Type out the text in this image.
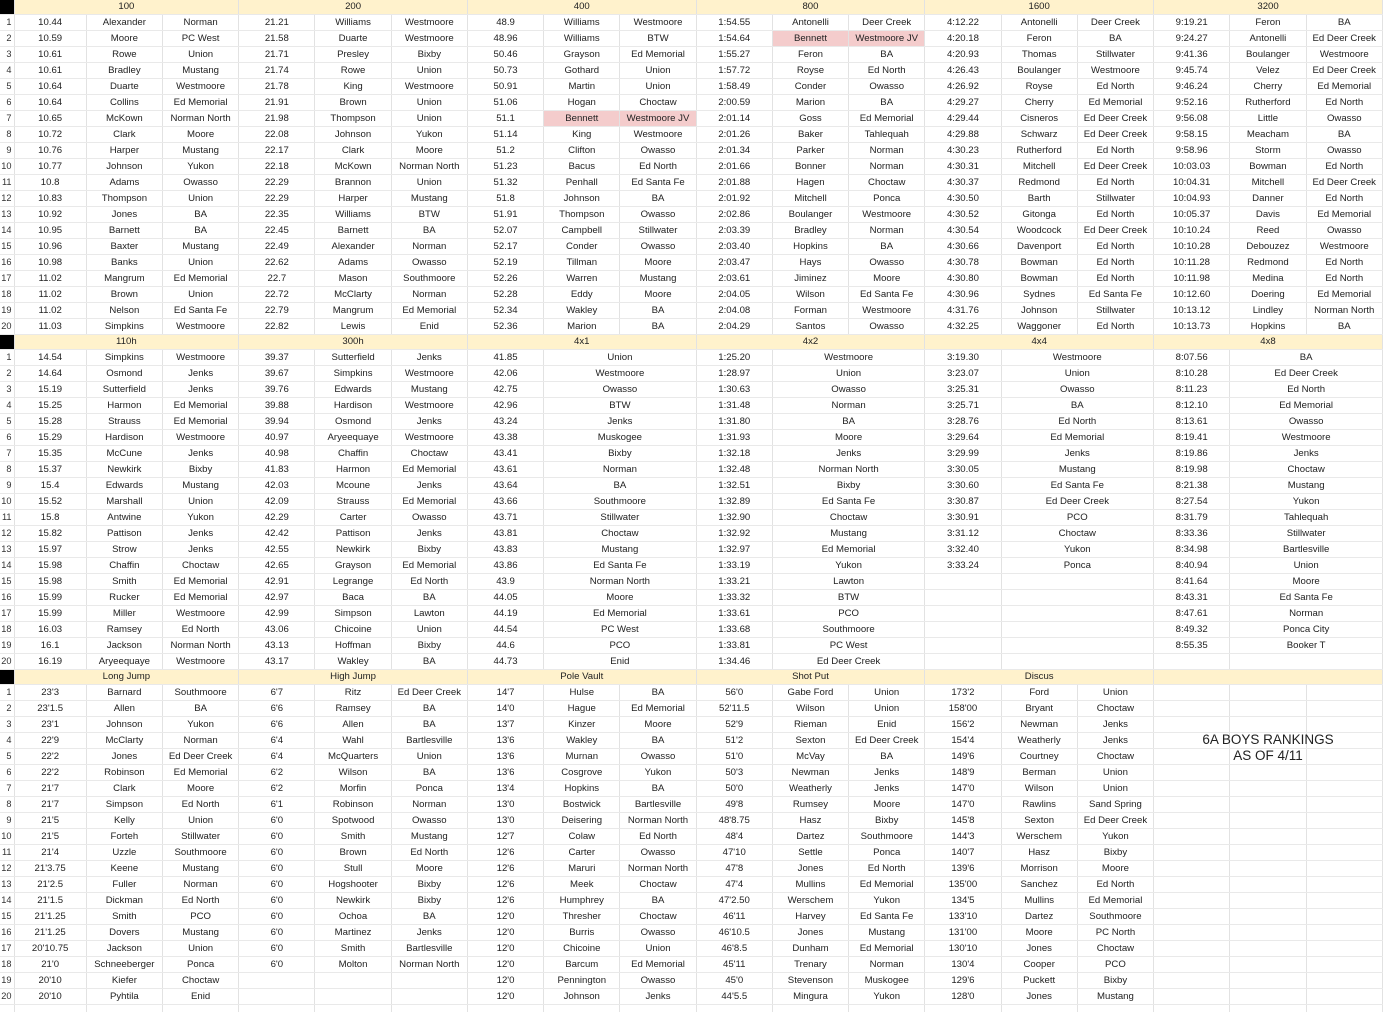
	100			200			400			800			1600			3200		
1	10.44	Alexander	Norman	21.21	Williams	Westmoore	48.9	Williams	Westmoore	1:54.55	Antonelli	Deer Creek	4:12.22	Antonelli	Deer Creek	9:19.21	Feron	BA
2	10.59	Moore	PC West	21.58	Duarte	Westmoore	48.96	Williams	BTW	1:54.64	Bennett	Westmoore JV	4:20.18	Feron	BA	9:24.27	Antonelli	Ed Deer Creek
3	10.61	Rowe	Union	21.71	Presley	Bixby	50.46	Grayson	Ed Memorial	1:55.27	Feron	BA	4:20.93	Thomas	Stillwater	9:41.36	Boulanger	Westmoore
4	10.61	Bradley	Mustang	21.74	Rowe	Union	50.73	Gothard	Union	1:57.72	Royse	Ed North	4:26.43	Boulanger	Westmoore	9:45.74	Velez	Ed Deer Creek
5	10.64	Duarte	Westmoore	21.78	King	Westmoore	50.91	Martin	Union	1:58.49	Conder	Owasso	4:26.92	Royse	Ed North	9:46.24	Cherry	Ed Memorial
6	10.64	Collins	Ed Memorial	21.91	Brown	Union	51.06	Hogan	Choctaw	2:00.59	Marion	BA	4:29.27	Cherry	Ed Memorial	9:52.16	Rutherford	Ed North
7	10.65	McKown	Norman North	21.98	Thompson	Union	51.1	Bennett	Westmoore JV	2:01.14	Goss	Ed Memorial	4:29.44	Cisneros	Ed Deer Creek	9:56.08	Little	Owasso
8	10.72	Clark	Moore	22.08	Johnson	Yukon	51.14	King	Westmoore	2:01.26	Baker	Tahlequah	4:29.88	Schwarz	Ed Deer Creek	9:58.15	Meacham	BA
9	10.76	Harper	Mustang	22.17	Clark	Moore	51.2	Clifton	Owasso	2:01.34	Parker	Norman	4:30.23	Rutherford	Ed North	9:58.96	Storm	Owasso
10	10.77	Johnson	Yukon	22.18	McKown	Norman North	51.23	Bacus	Ed North	2:01.66	Bonner	Norman	4:30.31	Mitchell	Ed Deer Creek	10:03.03	Bowman	Ed North
11	10.8	Adams	Owasso	22.29	Brannon	Union	51.32	Penhall	Ed Santa Fe	2:01.88	Hagen	Choctaw	4:30.37	Redmond	Ed North	10:04.31	Mitchell	Ed Deer Creek
12	10.83	Thompson	Union	22.29	Harper	Mustang	51.8	Johnson	BA	2:01.92	Mitchell	Ponca	4:30.50	Barth	Stillwater	10:04.93	Danner	Ed North
13	10.92	Jones	BA	22.35	Williams	BTW	51.91	Thompson	Owasso	2:02.86	Boulanger	Westmoore	4:30.52	Gitonga	Ed North	10:05.37	Davis	Ed Memorial
14	10.95	Barnett	BA	22.45	Barnett	BA	52.07	Campbell	Stillwater	2:03.39	Bradley	Norman	4:30.54	Woodcock	Ed Deer Creek	10:10.24	Reed	Owasso
15	10.96	Baxter	Mustang	22.49	Alexander	Norman	52.17	Conder	Owasso	2:03.40	Hopkins	BA	4:30.66	Davenport	Ed North	10:10.28	Debouzez	Westmoore
16	10.98	Banks	Union	22.62	Adams	Owasso	52.19	Tillman	Moore	2:03.47	Hays	Owasso	4:30.78	Bowman	Ed North	10:11.28	Redmond	Ed North
17	11.02	Mangrum	Ed Memorial	22.7	Mason	Southmoore	52.26	Warren	Mustang	2:03.61	Jiminez	Moore	4:30.80	Bowman	Ed North	10:11.98	Medina	Ed North
18	11.02	Brown	Union	22.72	McClarty	Norman	52.28	Eddy	Moore	2:04.05	Wilson	Ed Santa Fe	4:30.96	Sydnes	Ed Santa Fe	10:12.60	Doering	Ed Memorial
19	11.02	Nelson	Ed Santa Fe	22.79	Mangrum	Ed Memorial	52.34	Wakley	BA	2:04.08	Forman	Westmoore	4:31.76	Johnson	Stillwater	10:13.12	Lindley	Norman North
20	11.03	Simpkins	Westmoore	22.82	Lewis	Enid	52.36	Marion	BA	2:04.29	Santos	Owasso	4:32.25	Waggoner	Ed North	10:13.73	Hopkins	BA
	110h			300h			4x1			4x2			4x4			4x8		
1	14.54	Simpkins	Westmoore	39.37	Sutterfield	Jenks	41.85	Union		1:25.20	Westmoore		3:19.30	Westmoore		8:07.56	BA	
2	14.64	Osmond	Jenks	39.67	Simpkins	Westmoore	42.06	Westmoore		1:28.97	Union		3:23.07	Union		8:10.28	Ed Deer Creek	
3	15.19	Sutterfield	Jenks	39.76	Edwards	Mustang	42.75	Owasso		1:30.63	Owasso		3:25.31	Owasso		8:11.23	Ed North	
4	15.25	Harmon	Ed Memorial	39.88	Hardison	Westmoore	42.96	BTW		1:31.48	Norman		3:25.71	BA		8:12.10	Ed Memorial	
5	15.28	Strauss	Ed Memorial	39.94	Osmond	Jenks	43.24	Jenks		1:31.80	BA		3:28.76	Ed North		8:13.61	Owasso	
6	15.29	Hardison	Westmoore	40.97	Aryeequaye	Westmoore	43.38	Muskogee		1:31.93	Moore		3:29.64	Ed Memorial		8:19.41	Westmoore	
7	15.35	McCune	Jenks	40.98	Chaffin	Choctaw	43.41	Bixby		1:32.18	Jenks		3:29.99	Jenks		8:19.86	Jenks	
8	15.37	Newkirk	Bixby	41.83	Harmon	Ed Memorial	43.61	Norman		1:32.48	Norman North		3:30.05	Mustang		8:19.98	Choctaw	
9	15.4	Edwards	Mustang	42.03	Mcoune	Jenks	43.64	BA		1:32.51	Bixby		3:30.60	Ed Santa Fe		8:21.38	Mustang	
10	15.52	Marshall	Union	42.09	Strauss	Ed Memorial	43.66	Southmoore		1:32.89	Ed Santa Fe		3:30.87	Ed Deer Creek		8:27.54	Yukon	
11	15.8	Antwine	Yukon	42.29	Carter	Owasso	43.71	Stillwater		1:32.90	Choctaw		3:30.91	PCO		8:31.79	Tahlequah	
12	15.82	Pattison	Jenks	42.42	Pattison	Jenks	43.81	Choctaw		1:32.92	Mustang		3:31.12	Choctaw		8:33.36	Stillwater	
13	15.97	Strow	Jenks	42.55	Newkirk	Bixby	43.83	Mustang		1:32.97	Ed Memorial		3:32.40	Yukon		8:34.98	Bartlesville	
14	15.98	Chaffin	Choctaw	42.65	Grayson	Ed Memorial	43.86	Ed Santa Fe		1:33.19	Yukon		3:33.24	Ponca		8:40.94	Union	
15	15.98	Smith	Ed Memorial	42.91	Legrange	Ed North	43.9	Norman North		1:33.21	Lawton					8:41.64	Moore	
16	15.99	Rucker	Ed Memorial	42.97	Baca	BA	44.05	Moore		1:33.32	BTW					8:43.31	Ed Santa Fe	
17	15.99	Miller	Westmoore	42.99	Simpson	Lawton	44.19	Ed Memorial		1:33.61	PCO					8:47.61	Norman	
18	16.03	Ramsey	Ed North	43.06	Chicoine	Union	44.54	PC West		1:33.68	Southmoore					8:49.32	Ponca City	
19	16.1	Jackson	Norman North	43.13	Hoffman	Bixby	44.6	PCO		1:33.81	PC West					8:55.35	Booker T	
20	16.19	Aryeequaye	Westmoore	43.17	Wakley	BA	44.73	Enid		1:34.46	Ed Deer Creek							
	Long Jump			High Jump			Pole Vault			Shot Put			Discus					
1	23'3	Barnard	Southmoore	6'7	Ritz	Ed Deer Creek	14'7	Hulse	BA	56'0	Gabe Ford	Union	173'2	Ford	Union			
2	23'1.5	Allen	BA	6'6	Ramsey	BA	14'0	Hague	Ed Memorial	52'11.5	Wilson	Union	158'00	Bryant	Choctaw			
3	23'1	Johnson	Yukon	6'6	Allen	BA	13'7	Kinzer	Moore	52'9	Rieman	Enid	156'2	Newman	Jenks			
4	22'9	McClarty	Norman	6'4	Wahl	Bartlesville	13'6	Wakley	BA	51'2	Sexton	Ed Deer Creek	154'4	Weatherly	Jenks			
5	22'2	Jones	Ed Deer Creek	6'4	McQuarters	Union	13'6	Murnan	Owasso	51'0	McVay	BA	149'6	Courtney	Choctaw			
6	22'2	Robinson	Ed Memorial	6'2	Wilson	BA	13'6	Cosgrove	Yukon	50'3	Newman	Jenks	148'9	Berman	Union			
7	21'7	Clark	Moore	6'2	Morfin	Ponca	13'4	Hopkins	BA	50'0	Weatherly	Jenks	147'0	Wilson	Union			
8	21'7	Simpson	Ed North	6'1	Robinson	Norman	13'0	Bostwick	Bartlesville	49'8	Rumsey	Moore	147'0	Rawlins	Sand Spring			
9	21'5	Kelly	Union	6'0	Spotwood	Owasso	13'0	Deisering	Norman North	48'8.75	Hasz	Bixby	145'8	Sexton	Ed Deer Creek			
10	21'5	Forteh	Stillwater	6'0	Smith	Mustang	12'7	Colaw	Ed North	48'4	Dartez	Southmoore	144'3	Werschem	Yukon			
11	21'4	Uzzle	Southmoore	6'0	Brown	Ed North	12'6	Carter	Owasso	47'10	Settle	Ponca	140'7	Hasz	Bixby			
12	21'3.75	Keene	Mustang	6'0	Stull	Moore	12'6	Maruri	Norman North	47'8	Jones	Ed North	139'6	Morrison	Moore			
13	21'2.5	Fuller	Norman	6'0	Hogshooter	Bixby	12'6	Meek	Choctaw	47'4	Mullins	Ed Memorial	135'00	Sanchez	Ed North			
14	21'1.5	Dickman	Ed North	6'0	Newkirk	Bixby	12'6	Humphrey	BA	47'2.50	Werschem	Yukon	134'5	Mullins	Ed Memorial			
15	21'1.25	Smith	PCO	6'0	Ochoa	BA	12'0	Thresher	Choctaw	46'11	Harvey	Ed Santa Fe	133'10	Dartez	Southmoore			
16	21'1.25	Dovers	Mustang	6'0	Martinez	Jenks	12'0	Burris	Owasso	46'10.5	Jones	Mustang	131'00	Moore	PC North			
17	20'10.75	Jackson	Union	6'0	Smith	Bartlesville	12'0	Chicoine	Union	46'8.5	Dunham	Ed Memorial	130'10	Jones	Choctaw			
18	21'0	Schneeberger	Ponca	6'0	Molton	Norman North	12'0	Barcum	Ed Memorial	45'11	Trenary	Norman	130'4	Cooper	PCO			
19	20'10	Kiefer	Choctaw				12'0	Pennington	Owasso	45'0	Stevenson	Muskogee	129'6	Puckett	Bixby			
20	20'10	Pyhtila	Enid				12'0	Johnson	Jenks	44'5.5	Mingura	Yukon	128'0	Jones	Mustang			

6A BOYS RANKINGS
AS OF 4/11
